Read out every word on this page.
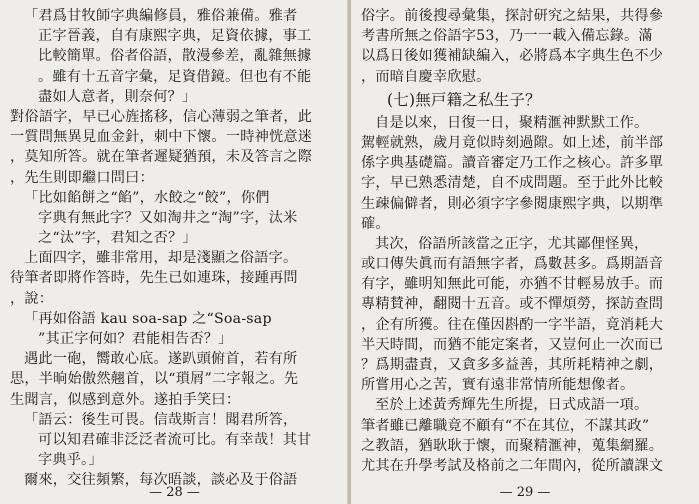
「君爲甘牧師字典編修員，雅俗兼備。雅者
正字晉義，自有康熙字典，足資依據，事工
比較簡單。俗者俗語，散漫參差，亂雜無據
。雖有十五音字彙，足資借鏡。但也有不能
盡如人意者，則奈何？」
對俗語字，早已心旌搖移，信心薄弱之筆者，此
一質問無異見血金針，刺中下懷。一時神恍意迷
，莫知所答。就在筆者遲疑猶預，未及答言之際
，先生則即繼口問曰：
「比如餡餅之“餡”，水餃之“餃”，你們
字典有無此字？又如淘井之“淘”字，汰米
之“汰”字，君知之否？」
上面四字，雖非常用，却是淺顯之俗語字。
待筆者即將作答時，先生已如連珠，接踵再問
，說：
「再如俗語 kau soa-sap 之“Soa-sap
”其正字何如？君能相告否？」
遇此一砲，嚮敢心底。遂趴頭俯首，若有所
思，半晌始傲然翹首，以“瑣屑”二字報之。先
生聞言，似感到意外。遂拍手笑曰：
「語云：後生可畏。信哉斯言！聞君所答，
可以知君確非泛泛者流可比。有幸哉！其甘
字典乎。」
爾來，交往頻繁，每次晤談，談必及于俗語
— 28 —
俗字。前後搜尋彙集，探討研究之結果，共得參
考書所無之俗語字53，乃一一載入備忘錄。滿
以爲日後如獲補缺編入，必將爲本字典生色不少
，而暗自慶幸欣慰。
(七)無戸籍之私生子？
自是以來，日復一日，聚精滙神默默工作。
駕輕就熟，歲月竟似時刻過隙。如上述，前半部
係字典基礎篇。讀音審定乃工作之核心。許多單
字，早已熟悉清楚，自不成問題。至于此外比較
生疎偏僻者，則必須字字參閱康熙字典，以期準
確。
其次，俗語所該當之正字，尤其鄙俚怪異，
或口傳失眞而有語無字者，爲數甚多。爲期語音
有字，雖明知無此可能，亦猶不甘輕易放手。而
專精賛神，翻閱十五音。或不憚煩勞，探訪查問
，企有所獲。往在僅因斟酌一字半語，竟消耗大
半天時間，而猶不能定案者，又豈何止一次而已
？爲期盡責，又貪多多益善，其所耗精神之劇，
所嘗用心之苦，實有遠非常情所能想像者。
至於上述黃秀輝先生所提，日式成語一項。
筆者雖已離職竟不顧有“不在其位，不謀其政”
之教語，猶耿耿于懷，而聚精滙神，蒐集網羅。
尤其在升學考試及格前之二年間內，從所讀課文
— 29 —
